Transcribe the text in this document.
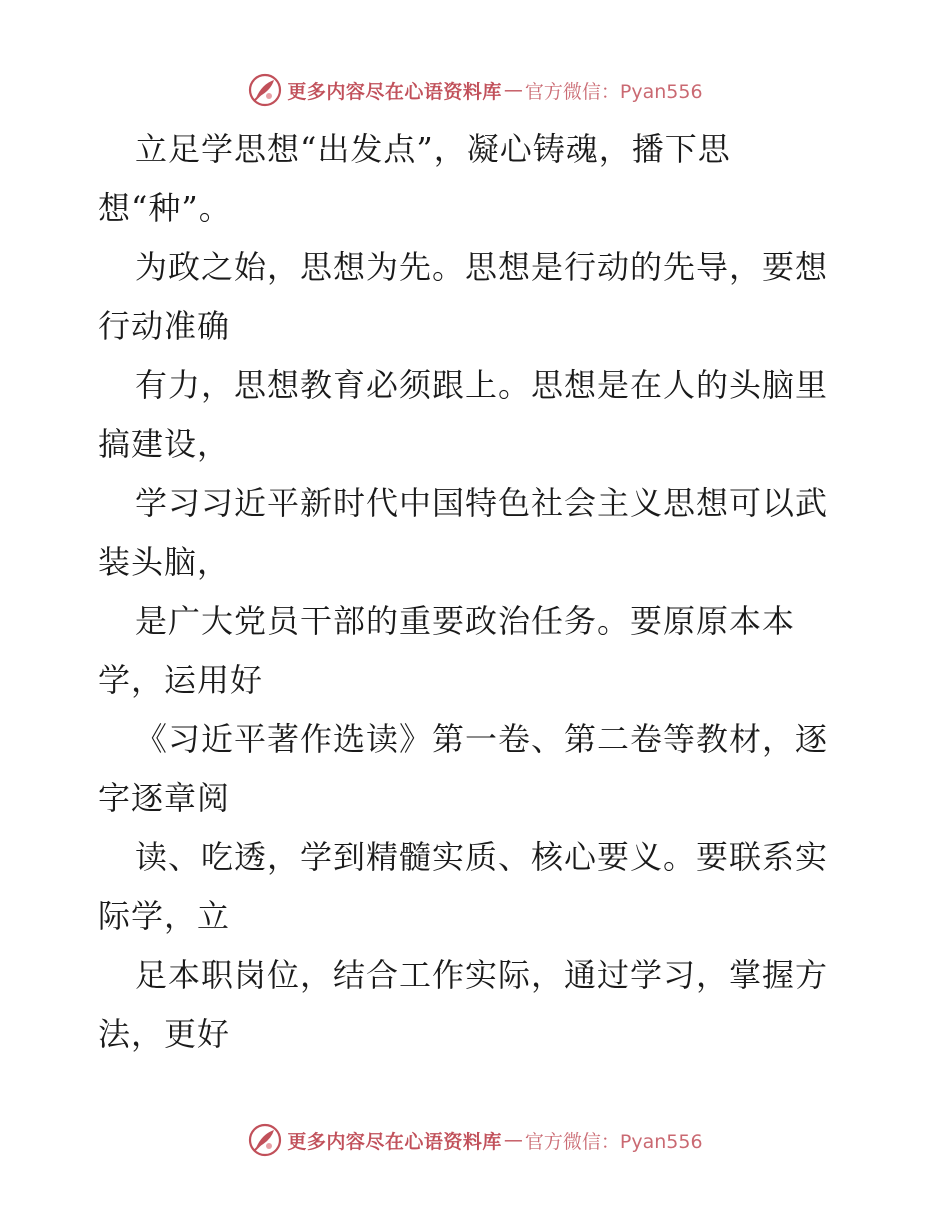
更多内容尽在心语资料库 — 官方微信：Pyan556
立足学思想“出发点”，凝心铸魂，播下思
想“种”。
为政之始，思想为先。思想是行动的先导，要想
行动准确
有力，思想教育必须跟上。思想是在人的头脑里
搞建设，
学习习近平新时代中国特色社会主义思想可以武
装头脑，
是广大党员干部的重要政治任务。要原原本本
学，运用好
《习近平著作选读》第一卷、第二卷等教材，逐
字逐章阅
读、吃透，学到精髓实质、核心要义。要联系实
际学，立
足本职岗位，结合工作实际，通过学习，掌握方
法，更好
更多内容尽在心语资料库 — 官方微信：Pyan556
